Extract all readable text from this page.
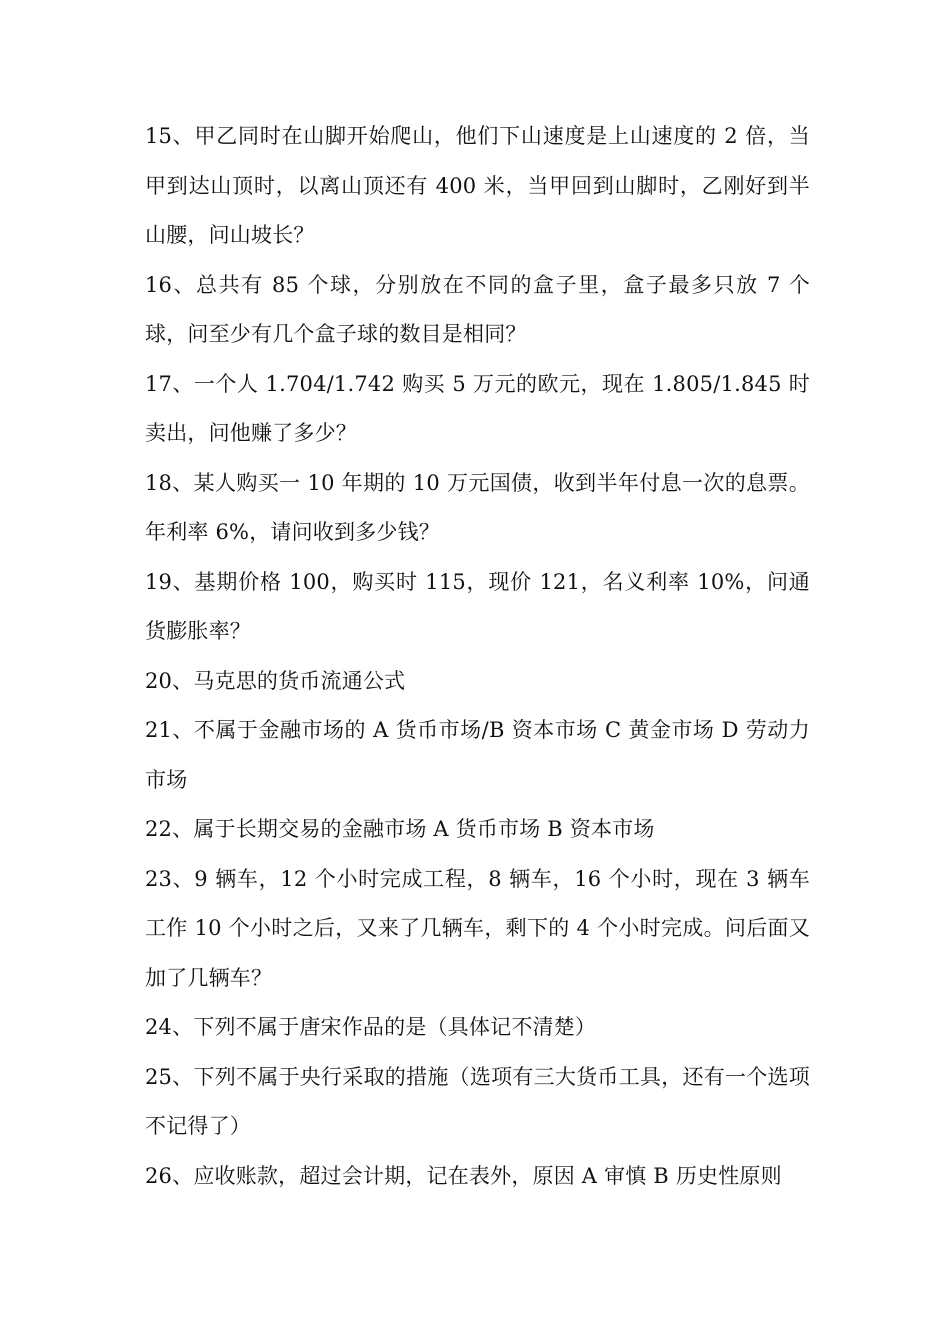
15、甲乙同时在山脚开始爬山，他们下山速度是上山速度的 2 倍，当甲到达山顶时，以离山顶还有 400 米，当甲回到山脚时，乙刚好到半山腰，问山坡长？

16、总共有 85 个球，分别放在不同的盒子里，盒子最多只放 7 个球，问至少有几个盒子球的数目是相同？

17、一个人 1.704/1.742 购买 5 万元的欧元，现在 1.805/1.845 时卖出，问他赚了多少？

18、某人购买一 10 年期的 10 万元国债，收到半年付息一次的息票。年利率 6%，请问收到多少钱？

19、基期价格 100，购买时 115，现价 121，名义利率 10%，问通货膨胀率？

20、马克思的货币流通公式

21、不属于金融市场的 A 货币市场/B 资本市场 C 黄金市场 D 劳动力市场

22、属于长期交易的金融市场 A 货币市场 B 资本市场

23、9 辆车，12 个小时完成工程，8 辆车，16 个小时，现在 3 辆车工作 10 个小时之后，又来了几辆车，剩下的 4 个小时完成。问后面又加了几辆车？

24、下列不属于唐宋作品的是（具体记不清楚）

25、下列不属于央行采取的措施（选项有三大货币工具，还有一个选项不记得了）

26、应收账款，超过会计期，记在表外，原因 A 审慎 B 历史性原则
